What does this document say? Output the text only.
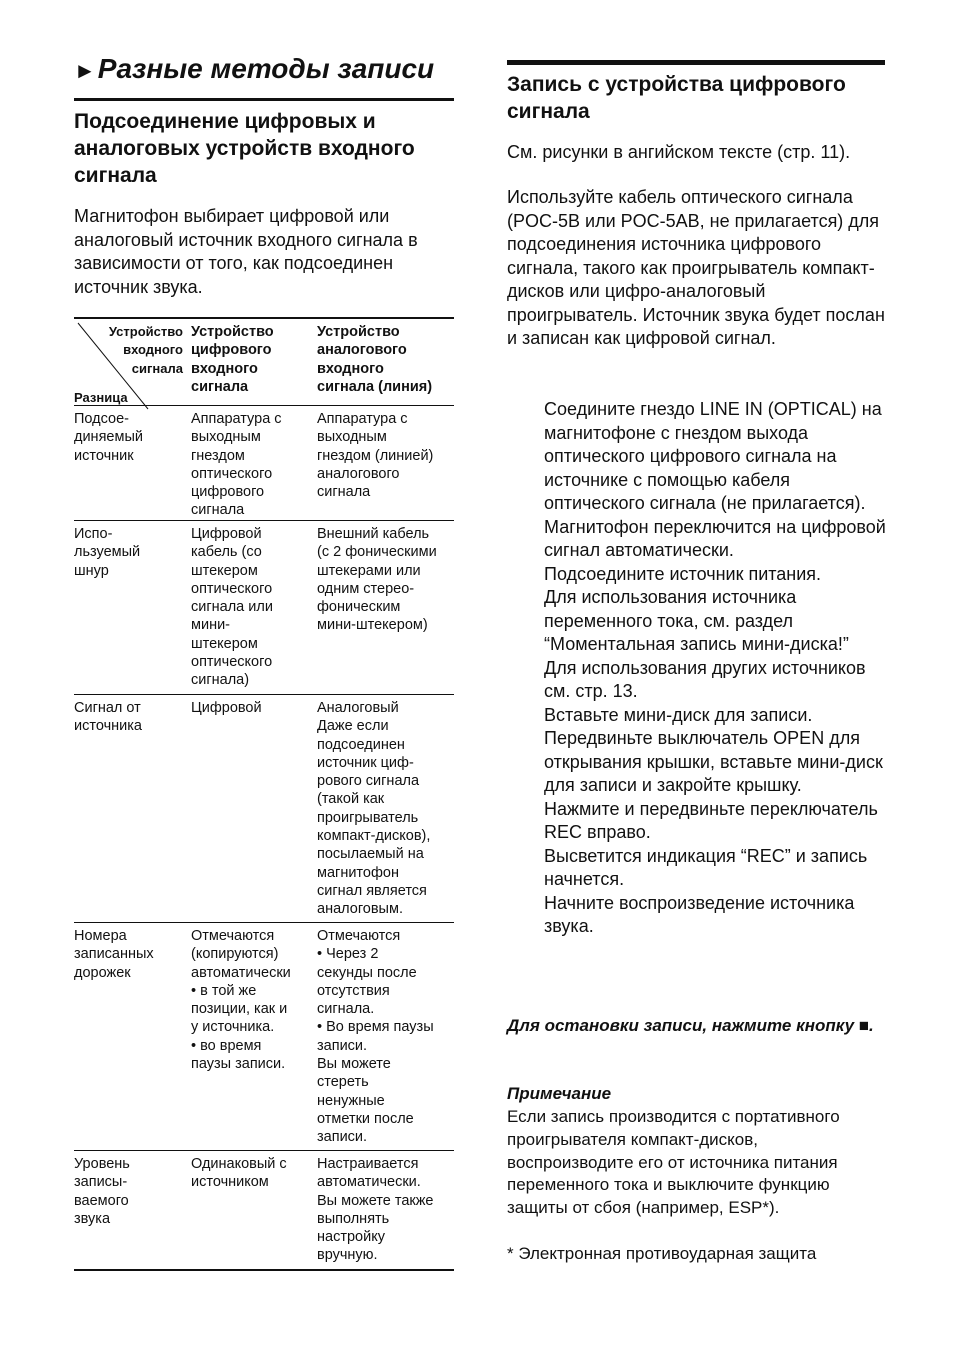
►Разные методы записи
Подсоединение цифровых и аналоговых устройств входного сигнала

Магнитофон выбирает цифровой или аналоговый источник входного сигнала в зависимости от того, как подсоединен источник звука.

Устройство
входного
сигнала
Разница
Устройство
цифрового
входного
сигнала
Устройство
аналогового
входного
сигнала (линия)
Подсое-
диняемый
источник
Аппаратура с
выходным
гнездом
оптического
цифрового
сигнала
Аппаратура с
выходным
гнездом (линией)
аналогового
сигнала
Испо-
льзуемый
шнур
Цифровой
кабель (со
штекером
оптического
сигнала или
мини-
штекером
оптического
сигнала)
Внешний кабель
(с 2 фоническими
штекерами или
одним стерео-
фоническим
мини-штекером)
Сигнал от
источника
Цифровой	Аналоговый
Даже если
подсоединен
источник циф-
рового сигнала
(такой как
проигрыватель
компакт-дисков),
посылаемый на
магнитофон
сигнал является
аналоговым.
Номера
записанных
дорожек
Отмечаются
(копируются)
автоматически
• в той же
позиции, как и
у источника.
• во время
паузы записи.
Отмечаются
• Через 2
секунды после
отсутствия
сигнала.
• Во время паузы
записи.
Вы можете
стереть
ненужные
отметки после
записи.
Уровень
записы-
ваемого
звука
Одинаковый с
источником
Настраивается
автоматически.
Вы можете также
выполнять
настройку
вручную.
Запись с устройства цифрового сигнала

См. рисунки в ангийском тексте (стр. 11).

Используйте кабель оптического сигнала (POC-5B или POC-5AB, не прилагается) для подсоединения источника цифрового сигнала, такого как проигрыватель компакт-дисков или цифро-аналоговый проигрыватель. Источник звука будет послан и записан как цифровой сигнал.

Соедините гнездо LINE IN (OPTICAL) на магнитофоне с гнездом выхода оптического цифрового сигнала на источнике с помощью кабеля оптического сигнала (не прилагается).
Магнитофон переключится на цифровой сигнал автоматически.
Подсоедините источник питания.
Для использования источника переменного тока, см. раздел “Моментальная запись мини-диска!”
Для использования других источников см. стр. 13.
Вставьте мини-диск для записи.
Передвиньте выключатель OPEN для открывания крышки, вставьте мини-диск для записи и закройте крышку.
Нажмите и передвиньте переключатель REC вправо.
Высветится индикация “REC” и запись начнется.
Начните воспроизведение источника звука.

Для остановки записи, нажмите кнопку ■.

Примечание

Если запись производится с портативного проигрывателя компакт-дисков, воспроизводите его от источника питания переменного тока и выключите функцию защиты от сбоя (например, ESP*).

* Электронная противоударная защита
